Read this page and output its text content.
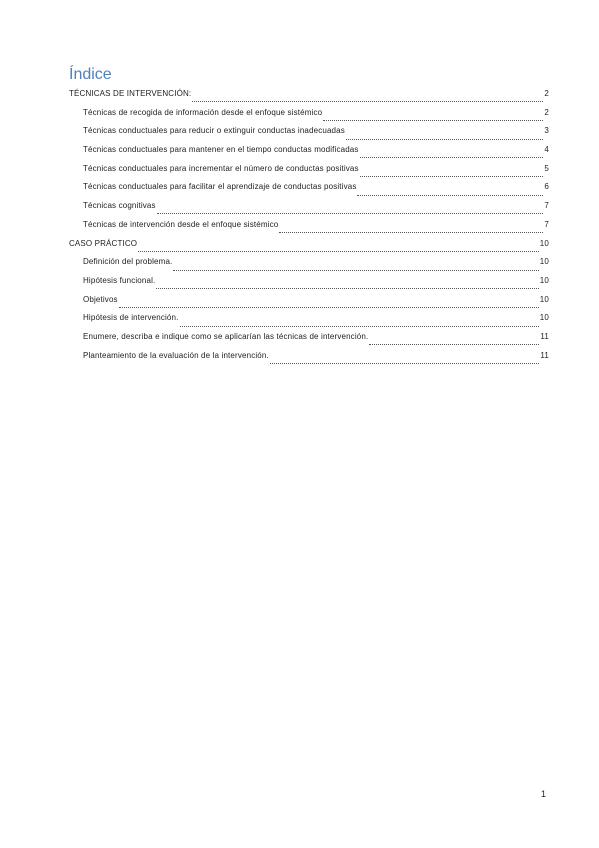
Índice
TÉCNICAS DE INTERVENCIÓN:	2
Técnicas de recogida de información desde el enfoque sistémico	2
Técnicas conductuales para reducir o extinguir conductas inadecuadas	3
Técnicas conductuales para mantener en el tiempo conductas modificadas	4
Técnicas conductuales para incrementar el número de conductas positivas	5
Técnicas conductuales para facilitar el aprendizaje de conductas positivas	6
Técnicas cognitivas	7
Técnicas de intervención desde el enfoque sistémico	7
CASO PRÁCTICO	10
Definición del problema.	10
Hipótesis funcional.	10
Objetivos	10
Hipótesis de intervención.	10
Enumere, describa e indique como se aplicarían las técnicas de intervención.	11
Planteamiento de la evaluación de la intervención.	11
1
